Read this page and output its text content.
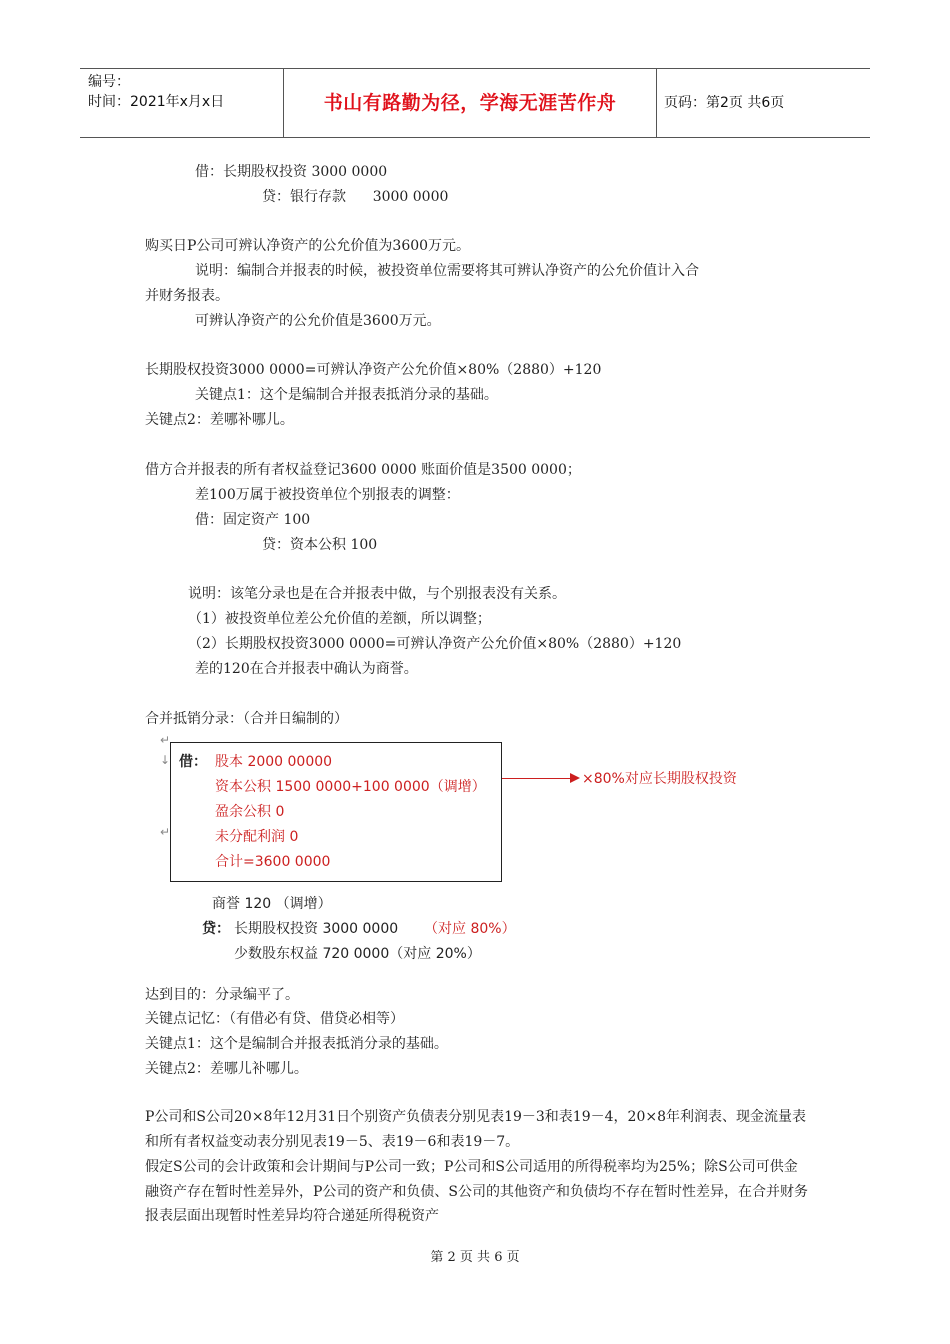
编号：
时间：2021年x月x日	书山有路勤为径，学海无涯苦作舟	页码：第2页 共6页
借：长期股权投资 3000 0000
贷：银行存款      3000 0000
购买日P公司可辨认净资产的公允价值为3600万元。
说明：编制合并报表的时候，被投资单位需要将其可辨认净资产的公允价值计入合
并财务报表。
可辨认净资产的公允价值是3600万元。
长期股权投资3000 0000=可辨认净资产公允价值×80%（2880）+120
关键点1：这个是编制合并报表抵消分录的基础。
关键点2：差哪补哪儿。
借方合并报表的所有者权益登记3600 0000 账面价值是3500 0000；
差100万属于被投资单位个别报表的调整：
借：固定资产 100
贷：资本公积 100
说明：该笔分录也是在合并报表中做，与个别报表没有关系。
（1）被投资单位差公允价值的差额，所以调整；
（2）长期股权投资3000 0000=可辨认净资产公允价值×80%（2880）+120
差的120在合并报表中确认为商誉。
合并抵销分录：（合并日编制的）
↵
↓
↵
借： 股本 2000 00000
资本公积 1500 0000+100 0000（调增）
盈余公积 0
未分配利润 0
合计=3600 0000
×80%对应长期股权投资
商誉 120 （调增）
贷： 长期股权投资 3000 0000 （对应 80%）
少数股东权益 720 0000（对应 20%）
达到目的：分录编平了。
关键点记忆：（有借必有贷、借贷必相等）
关键点1：这个是编制合并报表抵消分录的基础。
关键点2：差哪儿补哪儿。
P公司和S公司20×8年12月31日个别资产负债表分别见表19－3和表19－4，20×8年利润表、现金流量表和所有者权益变动表分别见表19－5、表19－6和表19－7。
假定S公司的会计政策和会计期间与P公司一致；P公司和S公司适用的所得税率均为25%；除S公司可供金融资产存在暂时性差异外，P公司的资产和负债、S公司的其他资产和负债均不存在暂时性差异，在合并财务报表层面出现暂时性差异均符合递延所得税资产
第 2 页 共 6 页
